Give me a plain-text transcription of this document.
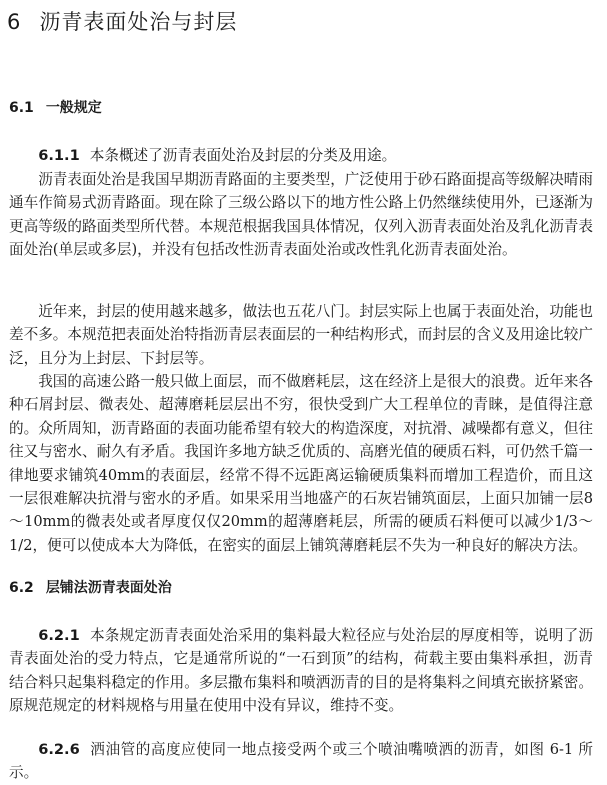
6 沥青表面处治与封层
6.1 一般规定

6.1.1 本条概述了沥青表面处治及封层的分类及用途。

沥青表面处治是我国早期沥青路面的主要类型，广泛使用于砂石路面提高等级解决晴雨通车作简易式沥青路面。现在除了三级公路以下的地方性公路上仍然继续使用外，已逐渐为更高等级的路面类型所代替。本规范根据我国具体情况，仅列入沥青表面处治及乳化沥青表面处治(单层或多层)，并没有包括改性沥青表面处治或改性乳化沥青表面处治。

近年来，封层的使用越来越多，做法也五花八门。封层实际上也属于表面处治，功能也差不多。本规范把表面处治特指沥青层表面层的一种结构形式，而封层的含义及用途比较广泛，且分为上封层、下封层等。

我国的高速公路一般只做上面层，而不做磨耗层，这在经济上是很大的浪费。近年来各种石屑封层、微表处、超薄磨耗层层出不穷，很快受到广大工程单位的青睐，是值得注意的。众所周知，沥青路面的表面功能希望有较大的构造深度，对抗滑、减噪都有意义，但往往又与密水、耐久有矛盾。我国许多地方缺乏优质的、高磨光值的硬质石料，可仍然千篇一律地要求铺筑40mm的表面层，经常不得不远距离运输硬质集料而增加工程造价，而且这一层很难解决抗滑与密水的矛盾。如果采用当地盛产的石灰岩铺筑面层，上面只加铺一层8～10mm的微表处或者厚度仅仅20mm的超薄磨耗层，所需的硬质石料便可以减少1/3～1/2，便可以使成本大为降低，在密实的面层上铺筑薄磨耗层不失为一种良好的解决方法。

6.2 层铺法沥青表面处治

6.2.1 本条规定沥青表面处治采用的集料最大粒径应与处治层的厚度相等，说明了沥青表面处治的受力特点，它是通常所说的“一石到顶”的结构，荷载主要由集料承担，沥青结合料只起集料稳定的作用。多层撒布集料和喷洒沥青的目的是将集料之间填充嵌挤紧密。原规范规定的材料规格与用量在使用中没有异议，维持不变。

6.2.6 洒油管的高度应使同一地点接受两个或三个喷油嘴喷洒的沥青，如图 6-1 所示。
